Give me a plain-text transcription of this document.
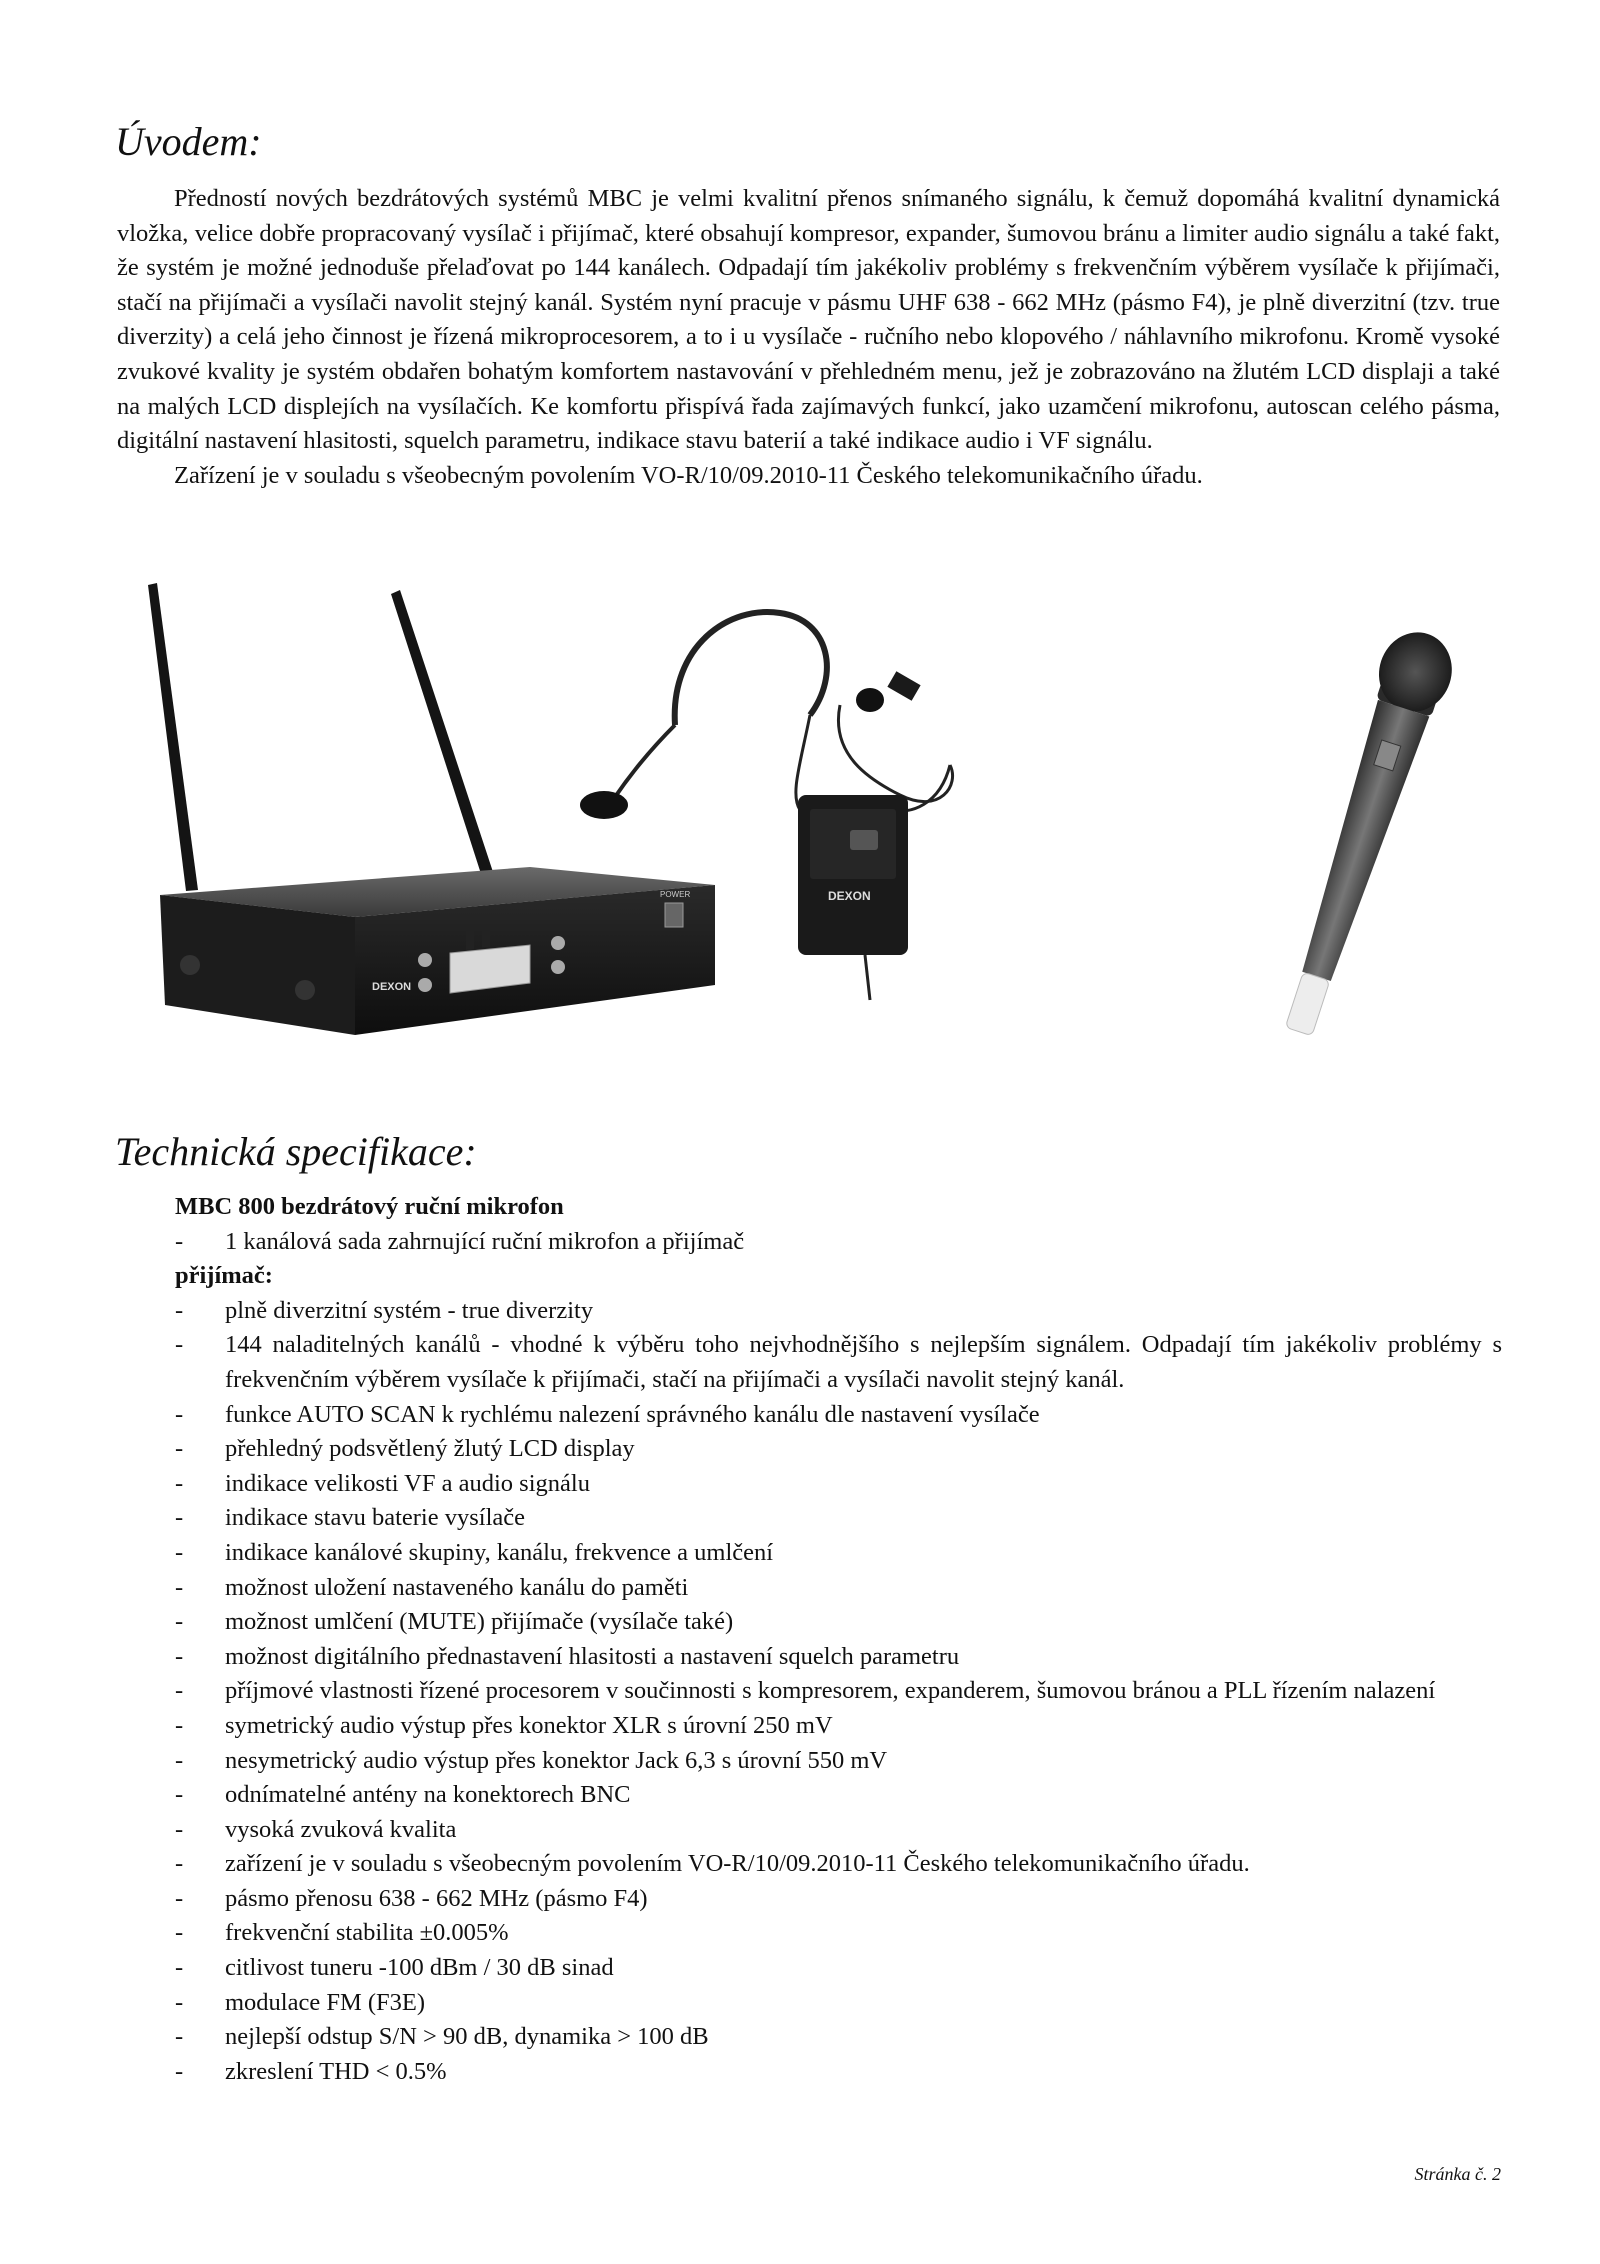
Úvodem:

Předností nových bezdrátových systémů MBC je velmi kvalitní přenos snímaného signálu, k čemuž dopomáhá kvalitní dynamická vložka, velice dobře propracovaný vysílač i přijímač, které obsahují kompresor, expander, šumovou bránu a limiter audio signálu a také fakt, že systém je možné jednoduše přelaďovat po 144 kanálech. Odpadají tím jakékoliv problémy s frekvenčním výběrem vysílače k přijímači, stačí na přijímači a vysílači navolit stejný kanál. Systém nyní pracuje v pásmu UHF 638 - 662 MHz (pásmo F4), je plně diverzitní (tzv. true diverzity) a celá jeho činnost je řízená mikroprocesorem, a to i u vysílače - ručního nebo klopového / náhlavního mikrofonu. Kromě vysoké zvukové kvality je systém obdařen bohatým komfortem nastavování v přehledném menu, jež je zobrazováno na žlutém LCD displaji a také na malých LCD displejích na vysílačích. Ke komfortu přispívá řada zajímavých funkcí, jako uzamčení mikrofonu, autoscan celého pásma, digitální nastavení hlasitosti, squelch parametru, indikace stavu baterií a také indikace audio i VF signálu.

Zařízení je v souladu s všeobecným povolením VO-R/10/09.2010-11 Českého telekomunikačního úřadu.

POWER
DEXON
DEXON
Technická specifikace:

MBC 800 bezdrátový ruční mikrofon

- 1 kanálová sada zahrnující ruční mikrofon a přijímač

přijímač:

- plně diverzitní systém - true diverzity
- 144 naladitelných kanálů - vhodné k výběru toho nejvhodnějšího s nejlepším signálem. Odpadají tím jakékoliv problémy s frekvenčním výběrem vysílače k přijímači, stačí na přijímači a vysílači navolit stejný kanál.
- funkce AUTO SCAN k rychlému nalezení správného kanálu dle nastavení vysílače
- přehledný podsvětlený žlutý LCD display
- indikace velikosti VF a audio signálu
- indikace stavu baterie vysílače
- indikace kanálové skupiny, kanálu, frekvence a umlčení
- možnost uložení nastaveného kanálu do paměti
- možnost umlčení (MUTE) přijímače (vysílače také)
- možnost digitálního přednastavení hlasitosti a nastavení squelch parametru
- příjmové vlastnosti řízené procesorem v součinnosti s kompresorem, expanderem, šumovou bránou a PLL řízením nalazení
- symetrický audio výstup přes konektor XLR s úrovní 250 mV
- nesymetrický audio výstup přes konektor Jack 6,3 s úrovní 550 mV
- odnímatelné antény na konektorech BNC
- vysoká zvuková kvalita
- zařízení je v souladu s všeobecným povolením VO-R/10/09.2010-11 Českého telekomunikačního úřadu.
- pásmo přenosu 638 - 662 MHz (pásmo F4)
- frekvenční stabilita ±0.005%
- citlivost tuneru -100 dBm / 30 dB sinad
- modulace FM (F3E)
- nejlepší odstup S/N > 90 dB, dynamika > 100 dB
- zkreslení THD < 0.5%
Stránka č. 2
